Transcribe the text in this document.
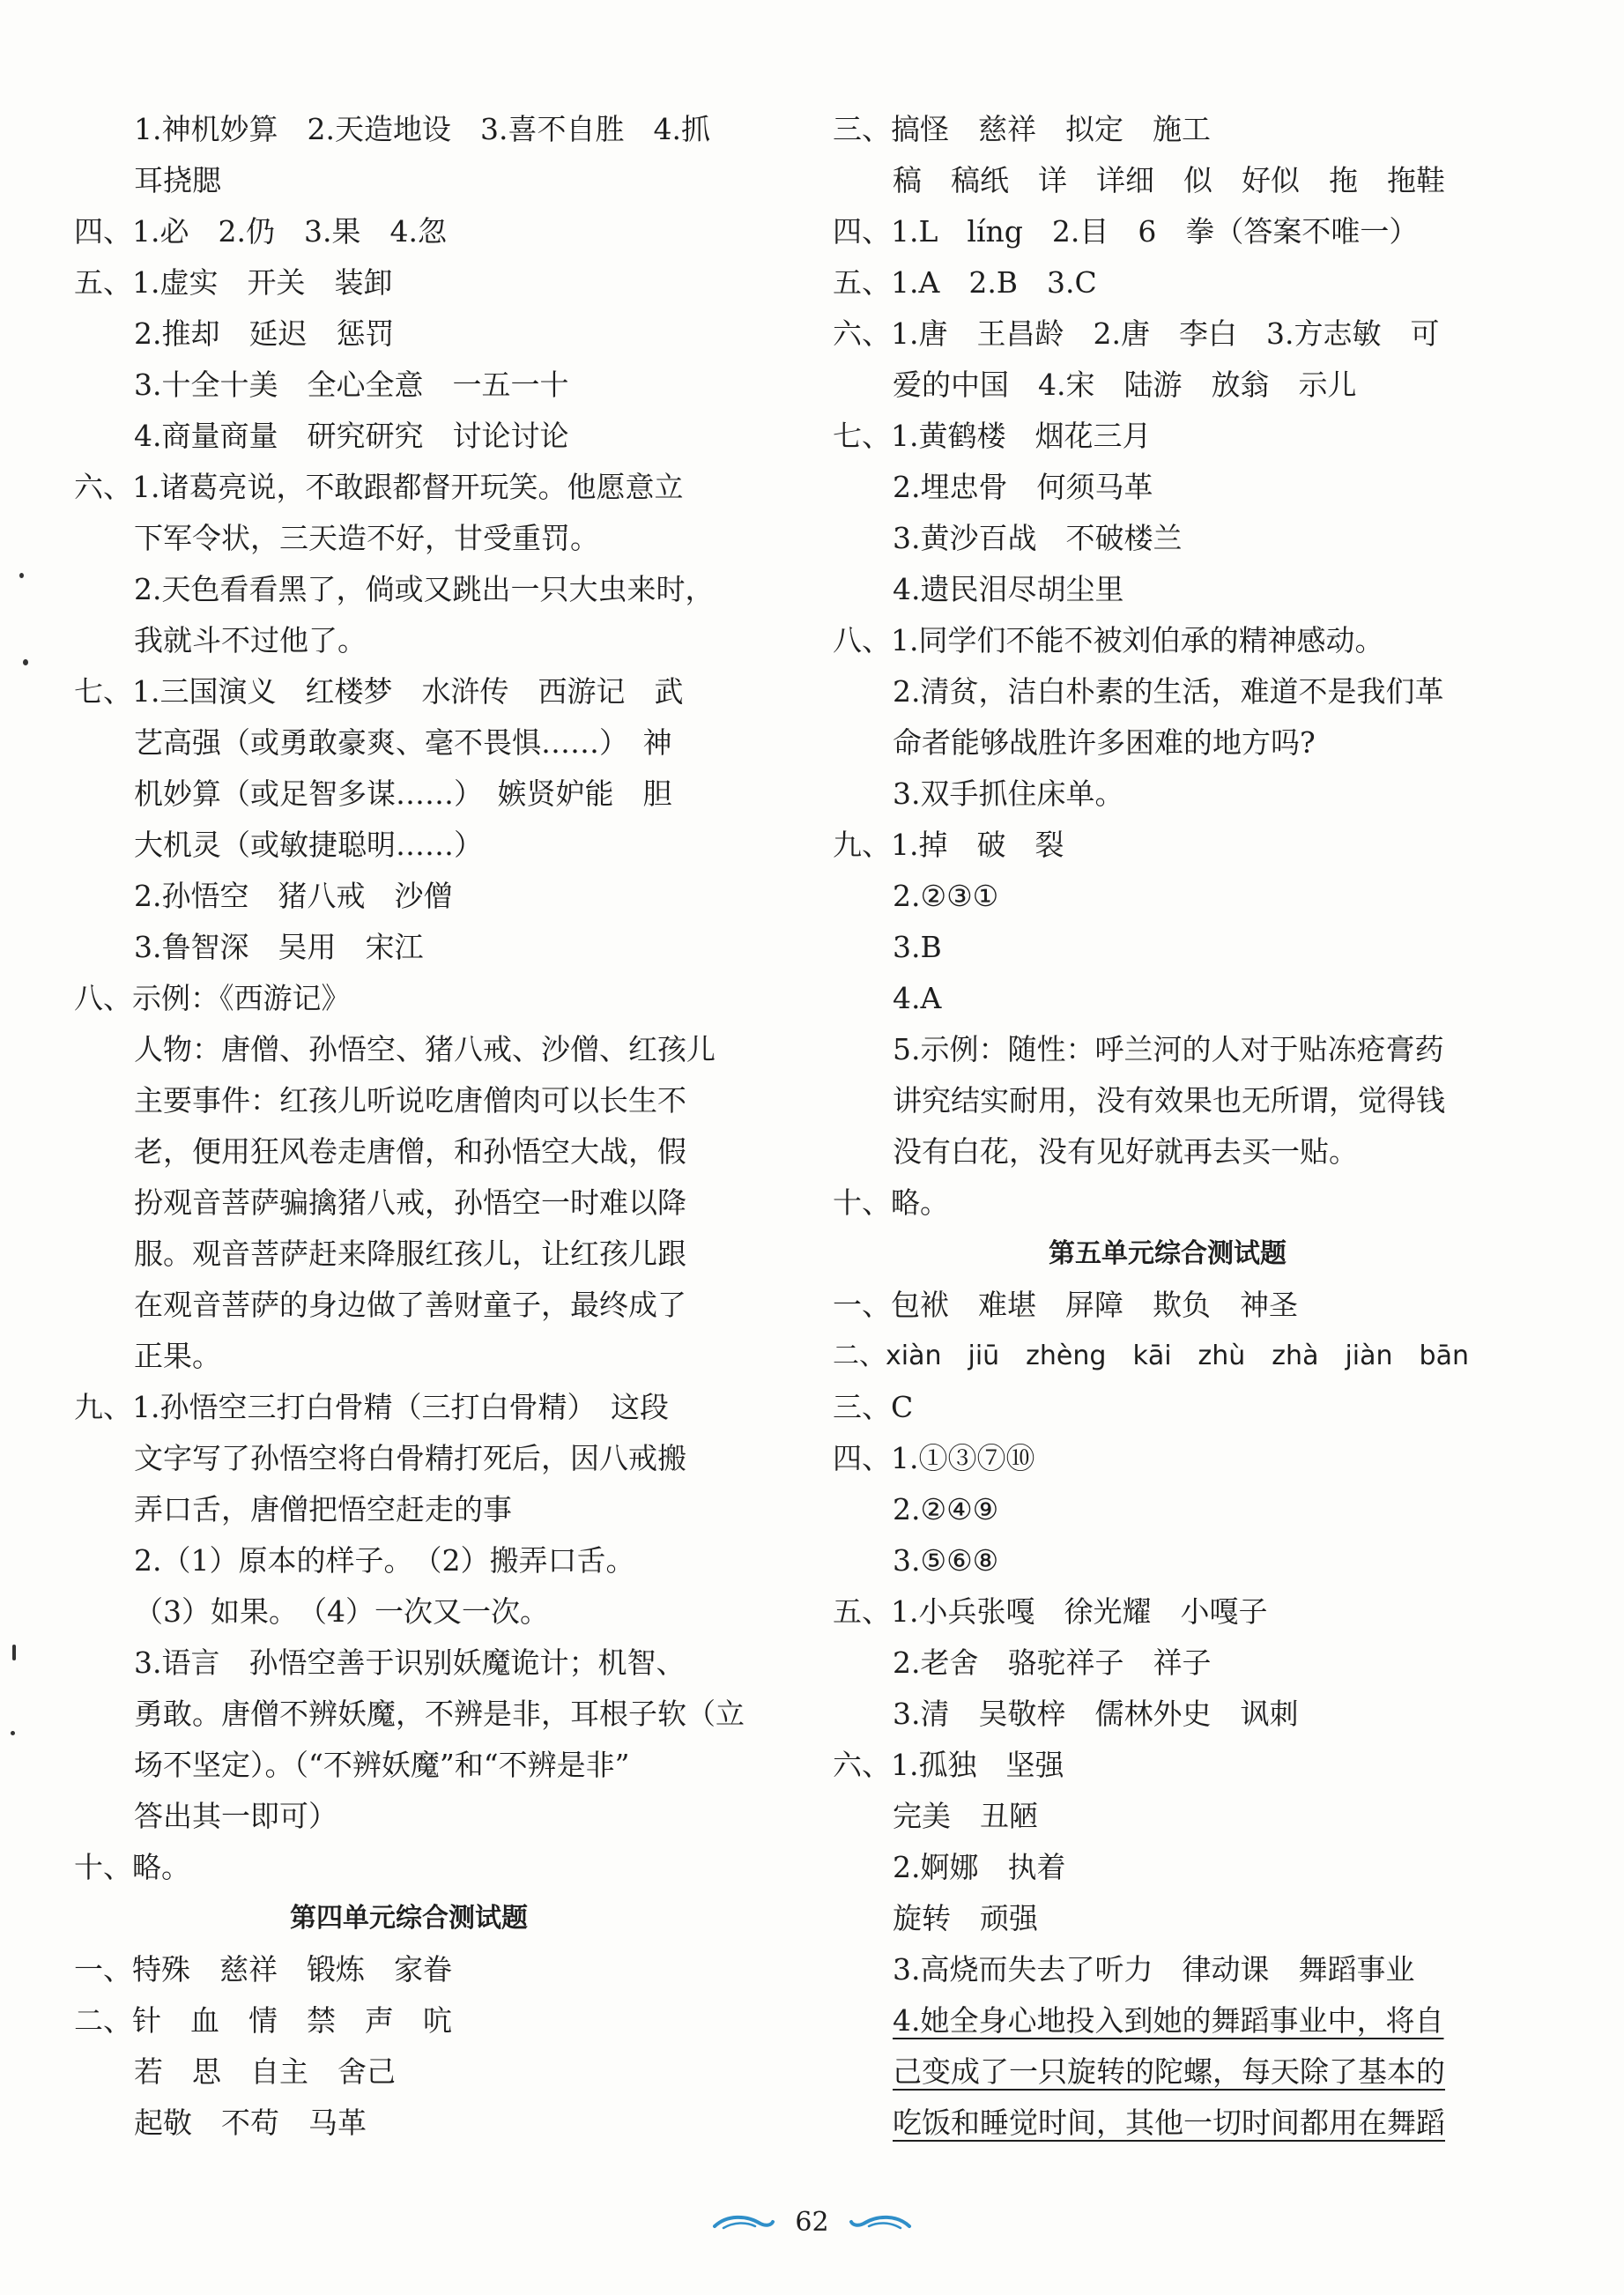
1.神机妙算　2.天造地设　3.喜不自胜　4.抓
耳挠腮
四、1.必　2.仍　3.果　4.忽
五、1.虚实　开关　装卸
2.推却　延迟　惩罚
3.十全十美　全心全意　一五一十
4.商量商量　研究研究　讨论讨论
六、1.诸葛亮说，不敢跟都督开玩笑。他愿意立
下军令状，三天造不好，甘受重罚。
2.天色看看黑了，倘或又跳出一只大虫来时，
我就斗不过他了。
七、1.三国演义　红楼梦　水浒传　西游记　武
艺高强（或勇敢豪爽、毫不畏惧……）　神
机妙算（或足智多谋……）　嫉贤妒能　胆
大机灵（或敏捷聪明……）
2.孙悟空　猪八戒　沙僧
3.鲁智深　吴用　宋江
八、示例：《西游记》
人物：唐僧、孙悟空、猪八戒、沙僧、红孩儿
主要事件：红孩儿听说吃唐僧肉可以长生不
老，便用狂风卷走唐僧，和孙悟空大战，假
扮观音菩萨骗擒猪八戒，孙悟空一时难以降
服。观音菩萨赶来降服红孩儿，让红孩儿跟
在观音菩萨的身边做了善财童子，最终成了
正果。
九、1.孙悟空三打白骨精（三打白骨精）　这段
文字写了孙悟空将白骨精打死后，因八戒搬
弄口舌，唐僧把悟空赶走的事
2.（1）原本的样子。　（2）搬弄口舌。
（3）如果。　（4）一次又一次。
3.语言　孙悟空善于识别妖魔诡计；机智、
勇敢。唐僧不辨妖魔，不辨是非，耳根子软（立
场不坚定）。（“不辨妖魔”和“不辨是非”
答出其一即可）
十、略。
第四单元综合测试题
一、特殊　慈祥　锻炼　家眷
二、针　血　情　禁　声　吭
若　思　自主　舍己
起敬　不苟　马革
三、搞怪　慈祥　拟定　施工
稿　稿纸　详　详细　似　好似　拖　拖鞋
四、1.L　líng　2.目　6　拳（答案不唯一）
五、1.A　2.B　3.C
六、1.唐　王昌龄　2.唐　李白　3.方志敏　可
爱的中国　4.宋　陆游　放翁　示儿
七、1.黄鹤楼　烟花三月
2.埋忠骨　何须马革
3.黄沙百战　不破楼兰
4.遗民泪尽胡尘里
八、1.同学们不能不被刘伯承的精神感动。
2.清贫，洁白朴素的生活，难道不是我们革
命者能够战胜许多困难的地方吗?
3.双手抓住床单。
九、1.掉　破　裂
2.②③①
3.B
4.A
5.示例：随性：呼兰河的人对于贴冻疮膏药
讲究结实耐用，没有效果也无所谓，觉得钱
没有白花，没有见好就再去买一贴。
十、略。
第五单元综合测试题
一、包袱　难堪　屏障　欺负　神圣
二、xiàn　jiū　zhèng　kāi　zhù　zhà　jiàn　bān
三、C
四、1.①③⑦⑩
2.②④⑨
3.⑤⑥⑧
五、1.小兵张嘎　徐光耀　小嘎子
2.老舍　骆驼祥子　祥子
3.清　吴敬梓　儒林外史　讽刺
六、1.孤独　坚强
完美　丑陋
2.婀娜　执着
旋转　顽强
3.高烧而失去了听力　律动课　舞蹈事业
4.她全身心地投入到她的舞蹈事业中，将自
己变成了一只旋转的陀螺，每天除了基本的
吃饭和睡觉时间，其他一切时间都用在舞蹈
62
